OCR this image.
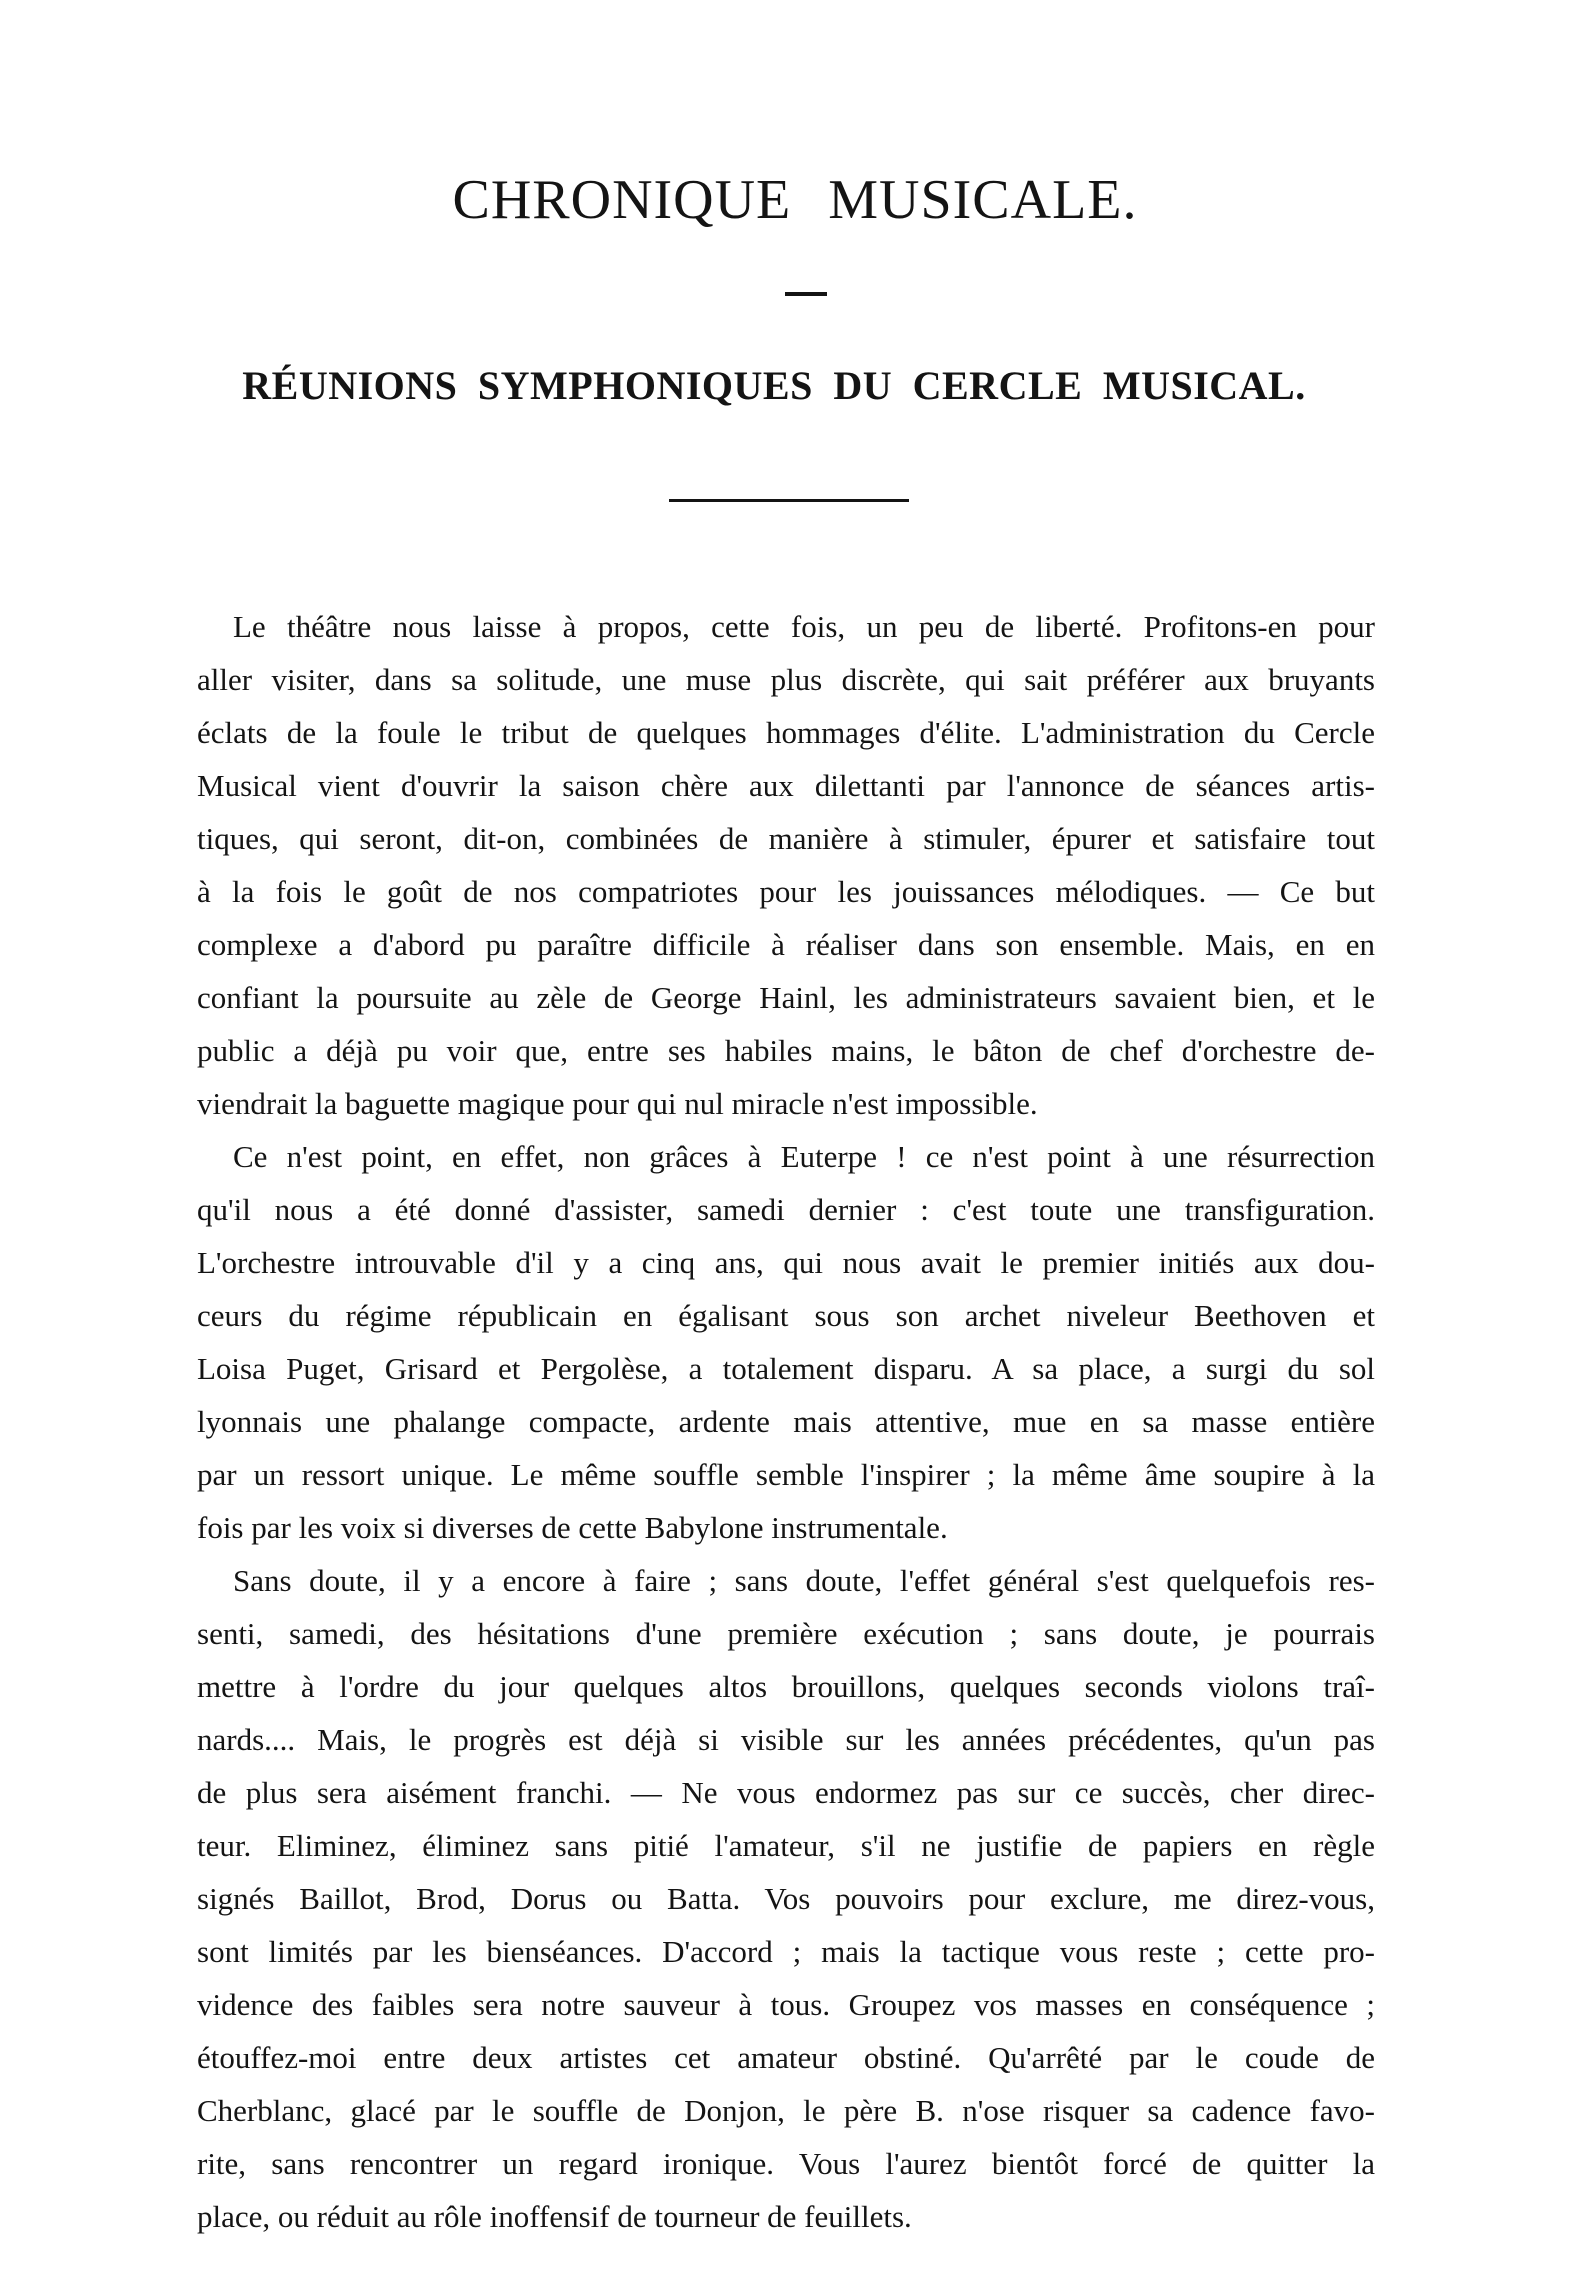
CHRONIQUE MUSICALE.
RÉUNIONS SYMPHONIQUES DU CERCLE MUSICAL.
Le théâtre nous laisse à propos, cette fois, un peu de liberté. Profitons-en pour
aller visiter, dans sa solitude, une muse plus discrète, qui sait préférer aux bruyants
éclats de la foule le tribut de quelques hommages d'élite. L'administration du Cercle
Musical vient d'ouvrir la saison chère aux dilettanti par l'annonce de séances artis-
tiques, qui seront, dit-on, combinées de manière à stimuler, épurer et satisfaire tout
à la fois le goût de nos compatriotes pour les jouissances mélodiques. — Ce but
complexe a d'abord pu paraître difficile à réaliser dans son ensemble. Mais, en en
confiant la poursuite au zèle de George Hainl, les administrateurs savaient bien, et le
public a déjà pu voir que, entre ses habiles mains, le bâton de chef d'orchestre de-
viendrait la baguette magique pour qui nul miracle n'est impossible.
Ce n'est point, en effet, non grâces à Euterpe ! ce n'est point à une résurrection
qu'il nous a été donné d'assister, samedi dernier : c'est toute une transfiguration.
L'orchestre introuvable d'il y a cinq ans, qui nous avait le premier initiés aux dou-
ceurs du régime républicain en égalisant sous son archet niveleur Beethoven et
Loisa Puget, Grisard et Pergolèse, a totalement disparu. A sa place, a surgi du sol
lyonnais une phalange compacte, ardente mais attentive, mue en sa masse entière
par un ressort unique. Le même souffle semble l'inspirer ; la même âme soupire à la
fois par les voix si diverses de cette Babylone instrumentale.
Sans doute, il y a encore à faire ; sans doute, l'effet général s'est quelquefois res-
senti, samedi, des hésitations d'une première exécution ; sans doute, je pourrais
mettre à l'ordre du jour quelques altos brouillons, quelques seconds violons traî-
nards.... Mais, le progrès est déjà si visible sur les années précédentes, qu'un pas
de plus sera aisément franchi. — Ne vous endormez pas sur ce succès, cher direc-
teur. Eliminez, éliminez sans pitié l'amateur, s'il ne justifie de papiers en règle
signés Baillot, Brod, Dorus ou Batta. Vos pouvoirs pour exclure, me direz-vous,
sont limités par les bienséances. D'accord ; mais la tactique vous reste ; cette pro-
vidence des faibles sera notre sauveur à tous. Groupez vos masses en conséquence ;
étouffez-moi entre deux artistes cet amateur obstiné. Qu'arrêté par le coude de
Cherblanc, glacé par le souffle de Donjon, le père B. n'ose risquer sa cadence favo-
rite, sans rencontrer un regard ironique. Vous l'aurez bientôt forcé de quitter la
place, ou réduit au rôle inoffensif de tourneur de feuillets.
